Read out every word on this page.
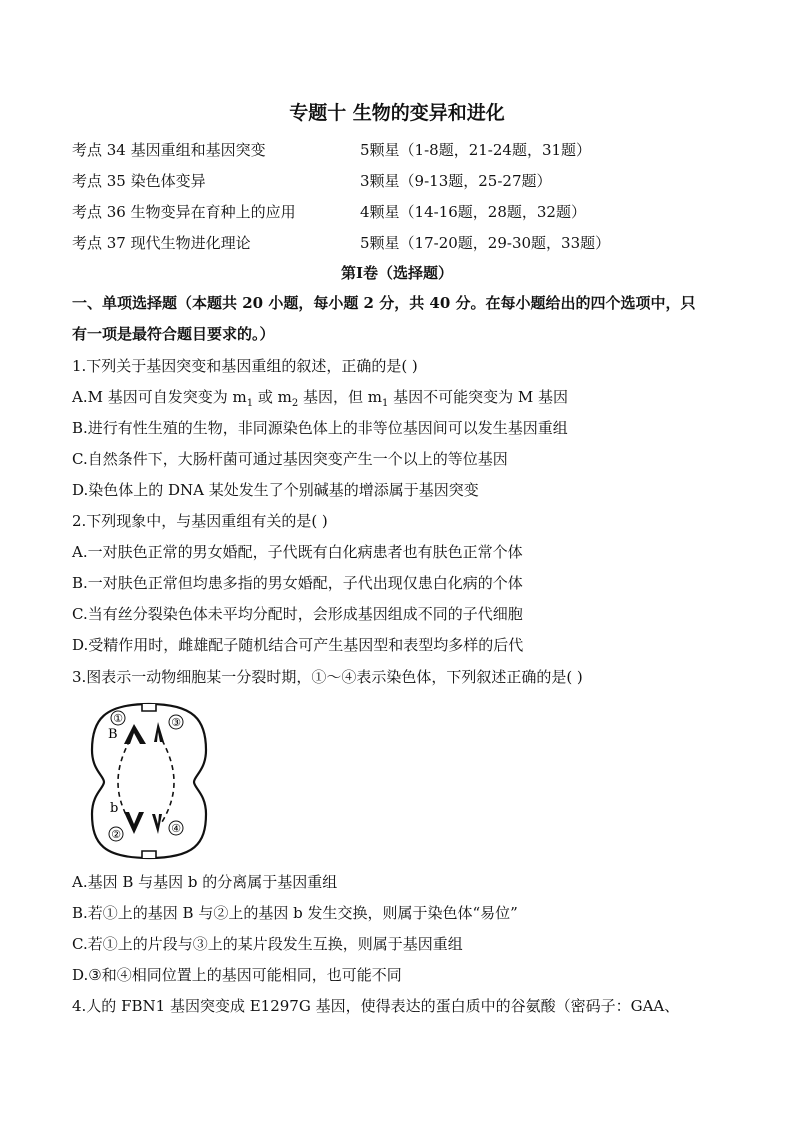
专题十 生物的变异和进化
考点 34 基因重组和基因突变	5颗星（1-8题，21-24题，31题）
考点 35 染色体变异	3颗星（9-13题，25-27题）
考点 36 生物变异在育种上的应用	4颗星（14-16题，28题，32题）
考点 37 现代生物进化理论	5颗星（17-20题，29-30题，33题）
第Ⅰ卷（选择题）
一、单项选择题（本题共 20 小题，每小题 2 分，共 40 分。在每小题给出的四个选项中，只
有一项是最符合题目要求的。）
1.下列关于基因突变和基因重组的叙述，正确的是( )
A.M 基因可自发突变为 $m_1$ 或 $m_2$ 基因，但 $m_1$ 基因不可能突变为 M 基因
B.进行有性生殖的生物，非同源染色体上的非等位基因间可以发生基因重组
C.自然条件下，大肠杆菌可通过基因突变产生一个以上的等位基因
D.染色体上的 DNA 某处发生了个别碱基的增添属于基因突变
2.下列现象中，与基因重组有关的是( )
A.一对肤色正常的男女婚配，子代既有白化病患者也有肤色正常个体
B.一对肤色正常但均患多指的男女婚配，子代出现仅患白化病的个体
C.当有丝分裂染色体未平均分配时，会形成基因组成不同的子代细胞
D.受精作用时，雌雄配子随机结合可产生基因型和表型均多样的后代
3.图表示一动物细胞某一分裂时期，①～④表示染色体，下列叙述正确的是( )
①	③
②	④
B
b
A.基因 B 与基因 b 的分离属于基因重组
B.若①上的基因 B 与②上的基因 b 发生交换，则属于染色体“易位”
C.若①上的片段与③上的某片段发生互换，则属于基因重组
D.③和④相同位置上的基因可能相同，也可能不同
4.人的 FBN1 基因突变成 E1297G 基因，使得表达的蛋白质中的谷氨酸（密码子：GAA、
